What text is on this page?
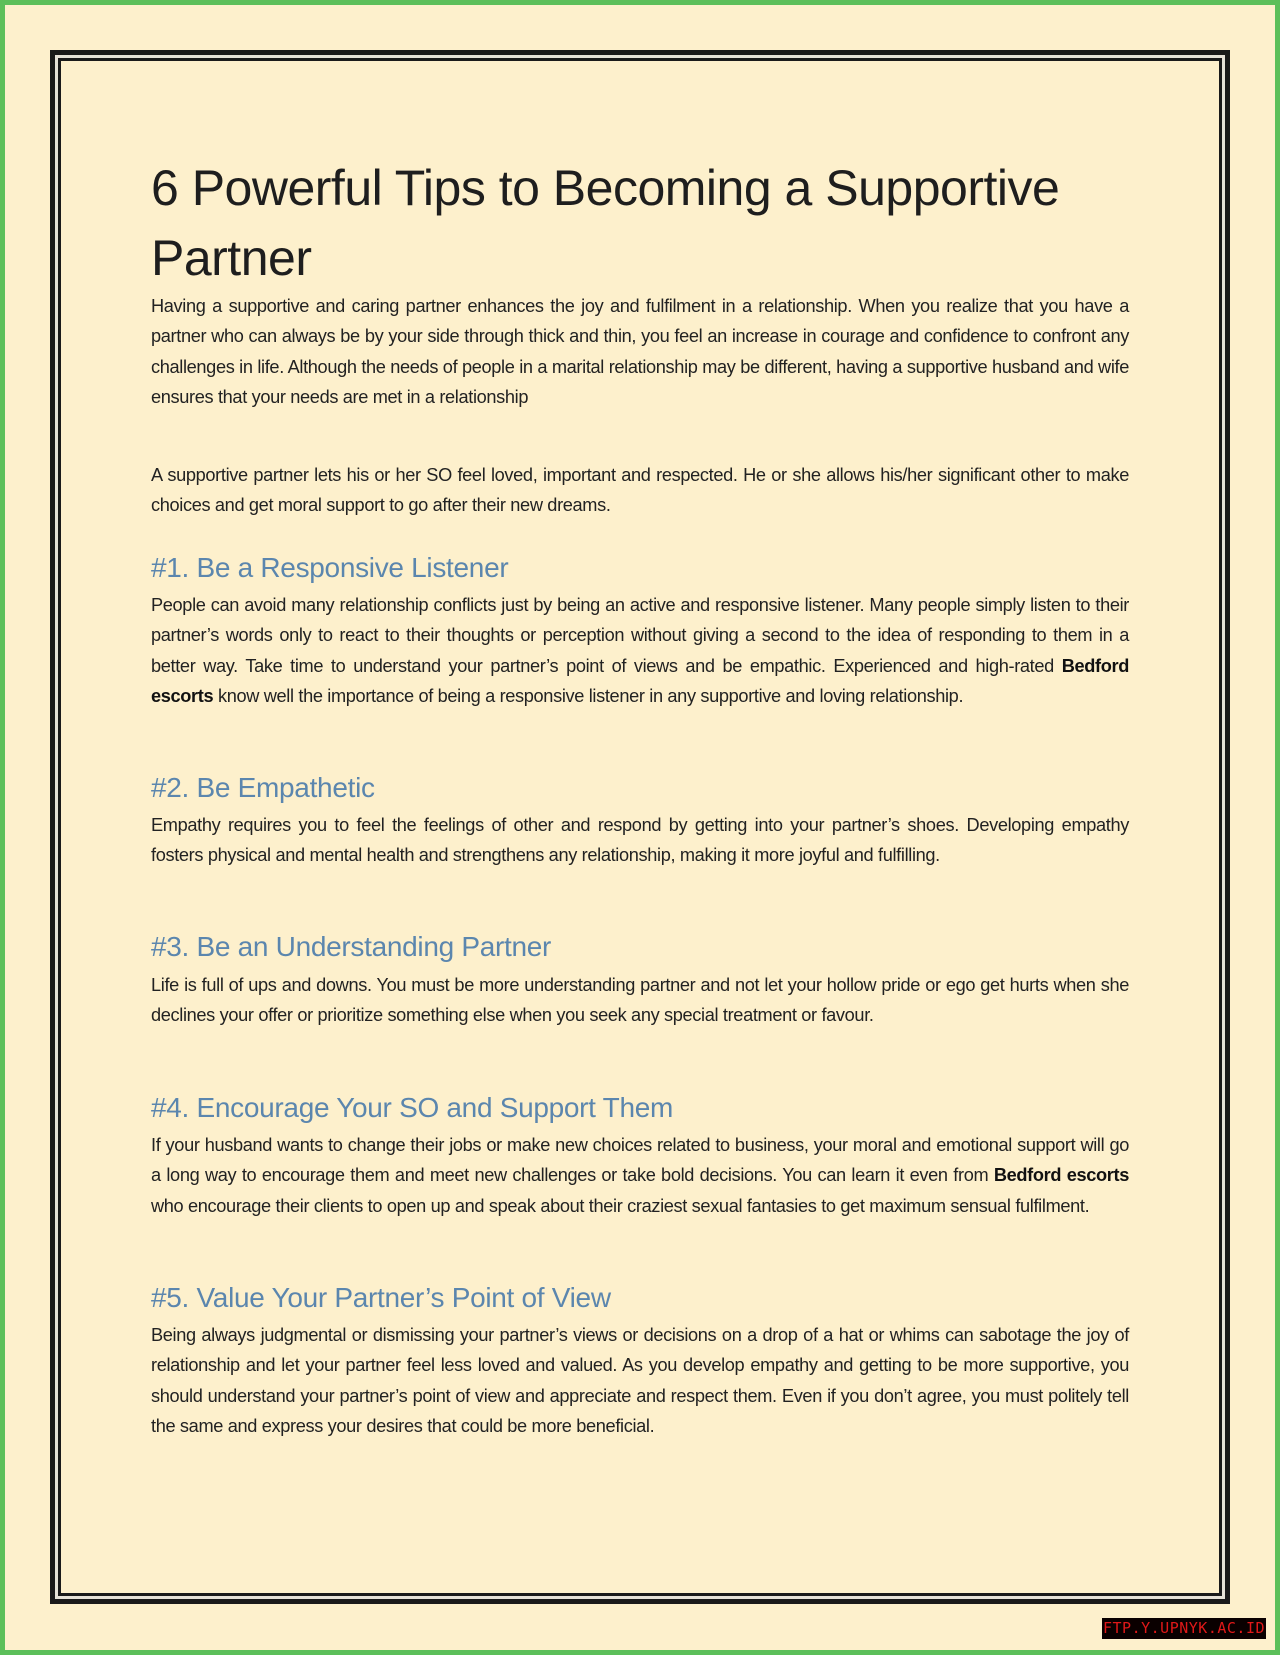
6 Powerful Tips to Becoming a Supportive Partner
Having a supportive and caring partner enhances the joy and fulfilment in a relationship. When you realize that you have a partner who can always be by your side through thick and thin, you feel an increase in courage and confidence to confront any challenges in life. Although the needs of people in a marital relationship may be different, having a supportive husband and wife ensures that your needs are met in a relationship
A supportive partner lets his or her SO feel loved, important and respected. He or she allows his/her significant other to make choices and get moral support to go after their new dreams.
#1. Be a Responsive Listener
People can avoid many relationship conflicts just by being an active and responsive listener. Many people simply listen to their partner’s words only to react to their thoughts or perception without giving a second to the idea of responding to them in a better way. Take time to understand your partner’s point of views and be empathic. Experienced and high-rated Bedford escorts know well the importance of being a responsive listener in any supportive and loving relationship.
#2. Be Empathetic
Empathy requires you to feel the feelings of other and respond by getting into your partner’s shoes. Developing empathy fosters physical and mental health and strengthens any relationship, making it more joyful and fulfilling.
#3. Be an Understanding Partner
Life is full of ups and downs. You must be more understanding partner and not let your hollow pride or ego get hurts when she declines your offer or prioritize something else when you seek any special treatment or favour.
#4. Encourage Your SO and Support Them
If your husband wants to change their jobs or make new choices related to business, your moral and emotional support will go a long way to encourage them and meet new challenges or take bold decisions. You can learn it even from Bedford escorts who encourage their clients to open up and speak about their craziest sexual fantasies to get maximum sensual fulfilment.
#5. Value Your Partner’s Point of View
Being always judgmental or dismissing your partner’s views or decisions on a drop of a hat or whims can sabotage the joy of relationship and let your partner feel less loved and valued. As you develop empathy and getting to be more supportive, you should understand your partner’s point of view and appreciate and respect them. Even if you don’t agree, you must politely tell the same and express your desires that could be more beneficial.
FTP.Y.UPNYK.AC.ID
